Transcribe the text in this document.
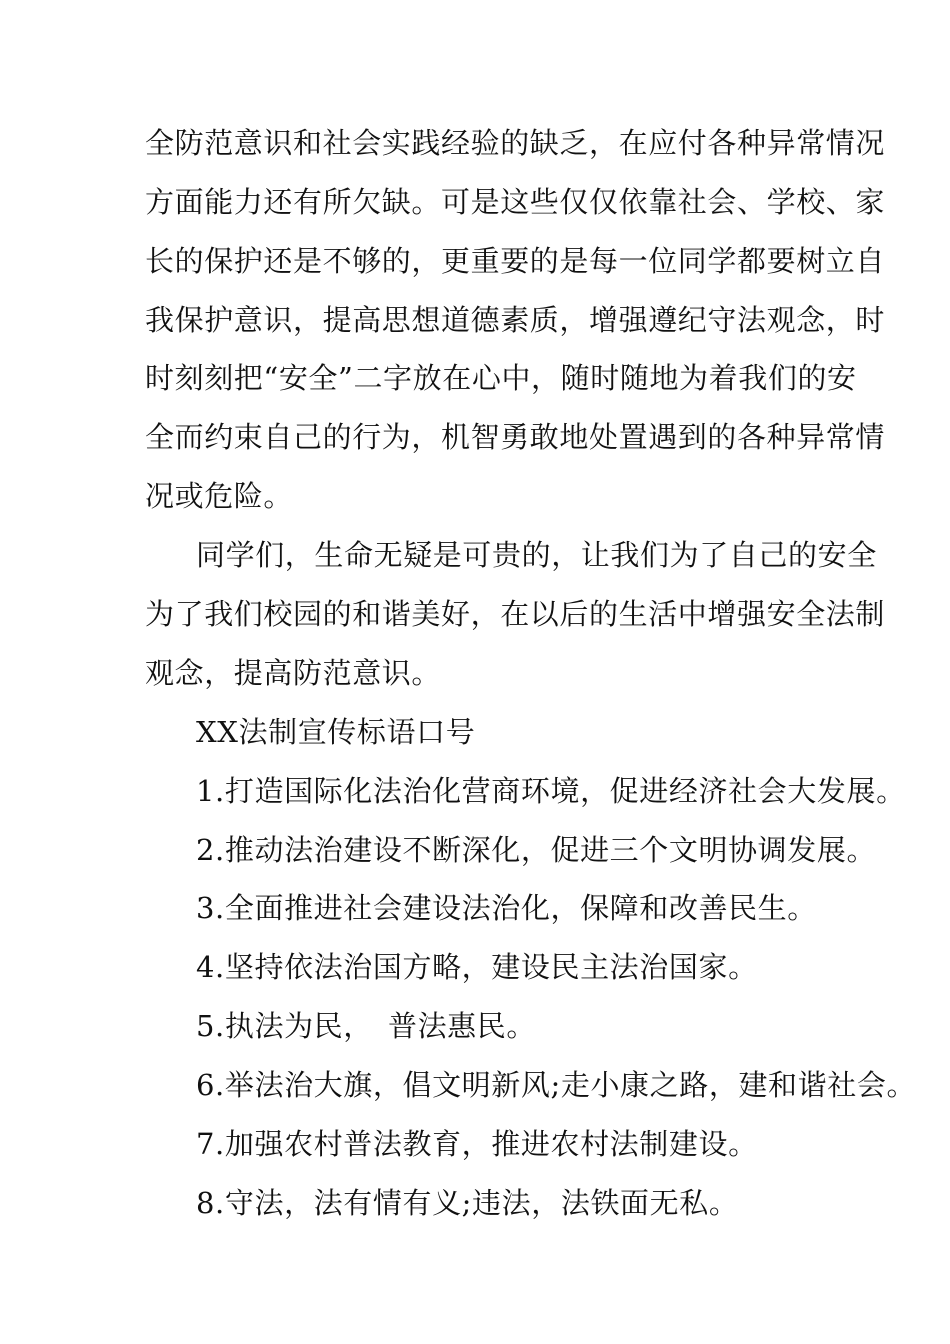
全防范意识和社会实践经验的缺乏，在应付各种异常情况
方面能力还有所欠缺。可是这些仅仅依靠社会、学校、家
长的保护还是不够的，更重要的是每一位同学都要树立自
我保护意识，提高思想道德素质，增强遵纪守法观念，时
时刻刻把“安全”二字放在心中，随时随地为着我们的安
全而约束自己的行为，机智勇敢地处置遇到的各种异常情
况或危险。
同学们，生命无疑是可贵的，让我们为了自己的安全
为了我们校园的和谐美好，在以后的生活中增强安全法制
观念，提高防范意识。
XX法制宣传标语口号
1.打造国际化法治化营商环境，促进经济社会大发展。
2.推动法治建设不断深化，促进三个文明协调发展。
3.全面推进社会建设法治化，保障和改善民生。
4.坚持依法治国方略，建设民主法治国家。
5.执法为民，　普法惠民。
6.举法治大旗，倡文明新风;走小康之路，建和谐社会。
7.加强农村普法教育，推进农村法制建设。
8.守法，法有情有义;违法，法铁面无私。
